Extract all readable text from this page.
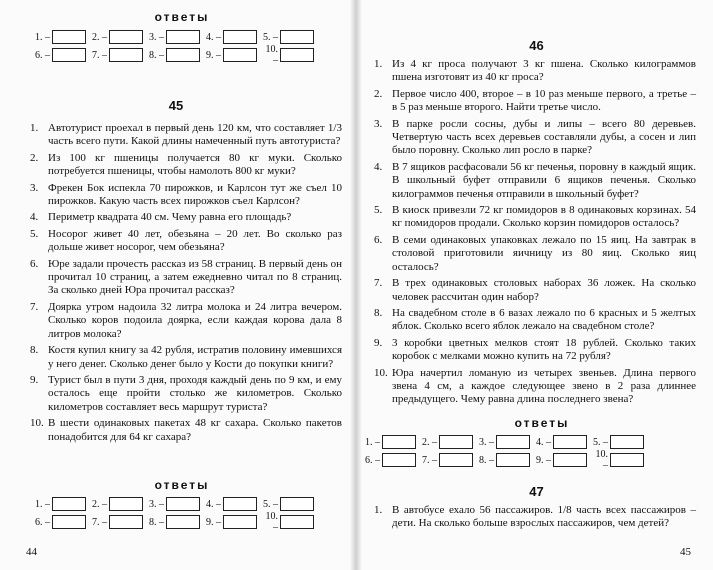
ответы
1. –	2. –	3. –	4. –	5. –
6. –	7. –	8. –	9. –	10. –
45
1. Автотурист проехал в первый день 120 км, что составляет 1/3 часть всего пути. Какой длины намеченный путь автотуриста?
2. Из 100 кг пшеницы получается 80 кг муки. Сколько потребуется пшеницы, чтобы намолоть 800 кг муки?
3. Фрекен Бок испекла 70 пирожков, и Карлсон тут же съел 10 пирожков. Какую часть всех пирожков съел Карлсон?
4. Периметр квадрата 40 см. Чему равна его площадь?
5. Носорог живет 40 лет, обезьяна – 20 лет. Во сколько раз дольше живет носорог, чем обезьяна?
6. Юре задали прочесть рассказ из 58 страниц. В первый день он прочитал 10 страниц, а затем ежедневно читал по 8 страниц. За сколько дней Юра прочитал рассказ?
7. Доярка утром надоила 32 литра молока и 24 литра вечером. Сколько коров подоила доярка, если каждая корова дала 8 литров молока?
8. Костя купил книгу за 42 рубля, истратив половину имевшихся у него денег. Сколько денег было у Кости до покупки книги?
9. Турист был в пути 3 дня, проходя каждый день по 9 км, и ему осталось еще пройти столько же километров. Сколько километров составляет весь маршрут туриста?
10. В шести одинаковых пакетах 48 кг сахара. Сколько пакетов понадобится для 64 кг сахара?
ответы
1. –	2. –	3. –	4. –	5. –
6. –	7. –	8. –	9. –	10. –
44
46
1. Из 4 кг проса получают 3 кг пшена. Сколько килограммов пшена изготовят из 40 кг проса?
2. Первое число 400, второе – в 10 раз меньше первого, а третье – в 5 раз меньше второго. Найти третье число.
3. В парке росли сосны, дубы и липы – всего 80 деревьев. Четвертую часть всех деревьев составляли дубы, а сосен и лип было поровну. Сколько лип росло в парке?
4. В 7 ящиков расфасовали 56 кг печенья, поровну в каждый ящик. В школьный буфет отправили 6 ящиков печенья. Сколько килограммов печенья отправили в школьный буфет?
5. В киоск привезли 72 кг помидоров в 8 одинаковых корзинах. 54 кг помидоров продали. Сколько корзин помидоров осталось?
6. В семи одинаковых упаковках лежало по 15 яиц. На завтрак в столовой приготовили яичницу из 80 яиц. Сколько яиц осталось?
7. В трех одинаковых столовых наборах 36 ложек. На сколько человек рассчитан один набор?
8. На свадебном столе в 6 вазах лежало по 6 красных и 5 желтых яблок. Сколько всего яблок лежало на свадебном столе?
9. 3 коробки цветных мелков стоят 18 рублей. Сколько таких коробок с мелками можно купить на 72 рубля?
10. Юра начертил ломаную из четырех звеньев. Длина первого звена 4 см, а каждое следующее звено в 2 раза длиннее предыдущего. Чему равна длина последнего звена?
ответы
1. –	2. –	3. –	4. –	5. –
6. –	7. –	8. –	9. –	10. –
47
1. В автобусе ехало 56 пассажиров. 1/8 часть всех пассажиров – дети. На сколько больше взрослых пассажиров, чем детей?
45
